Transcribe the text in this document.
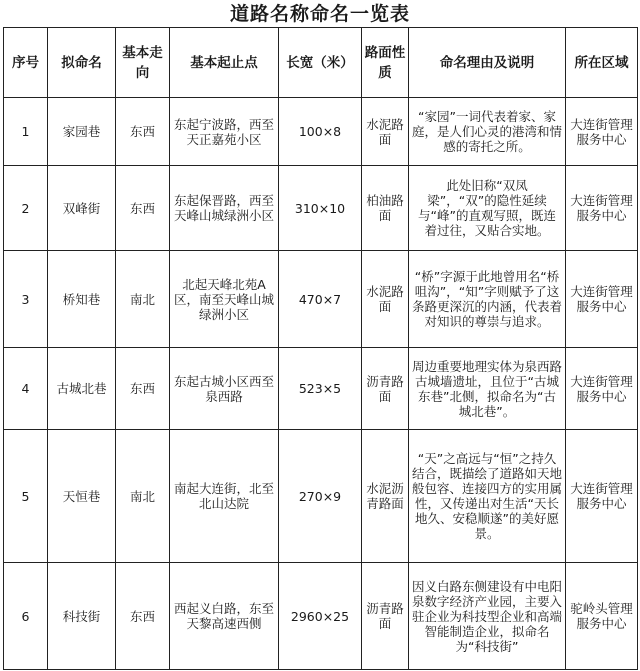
道路名称命名一览表
序号	拟命名	基本走向	基本起止点	长宽（米）	路面性质	命名理由及说明	所在区域
1	家园巷	东西	东起宁波路，西至天正嘉苑小区	100×8	水泥路面	“家园”一词代表着家、家庭，是人们心灵的港湾和情感的寄托之所。	大连街管理服务中心
2	双峰街	东西	东起保晋路，西至天峰山城绿洲小区	310×10	柏油路面	此处旧称“双凤梁”，“双”的隐性延续与“峰”的直观写照，既连着过往，又贴合实地。	大连街管理服务中心
3	桥知巷	南北	北起天峰北苑A区，南至天峰山城绿洲小区	470×7	水泥路面	“桥”字源于此地曾用名“桥咀沟”，“知”字则赋予了这条路更深沉的内涵，代表着对知识的尊崇与追求。	大连街管理服务中心
4	古城北巷	东西	东起古城小区西至泉西路	523×5	沥青路面	周边重要地理实体为泉西路古城墙遗址，且位于“古城东巷”北侧，拟命名为“古城北巷”。	大连街管理服务中心
5	天恒巷	南北	南起大连街，北至北山达院	270×9	水泥沥青路面	“天”之高远与“恒”之持久结合，既描绘了道路如天地般包容、连接四方的实用属性，又传递出对生活“天长地久、安稳顺遂”的美好愿景。	大连街管理服务中心
6	科技街	东西	西起义白路，东至天黎高速西侧	2960×25	沥青路面	因义白路东侧建设有中电阳泉数字经济产业园，主要入驻企业为科技型企业和高端智能制造企业，拟命名为“科技街”	驼岭头管理服务中心
